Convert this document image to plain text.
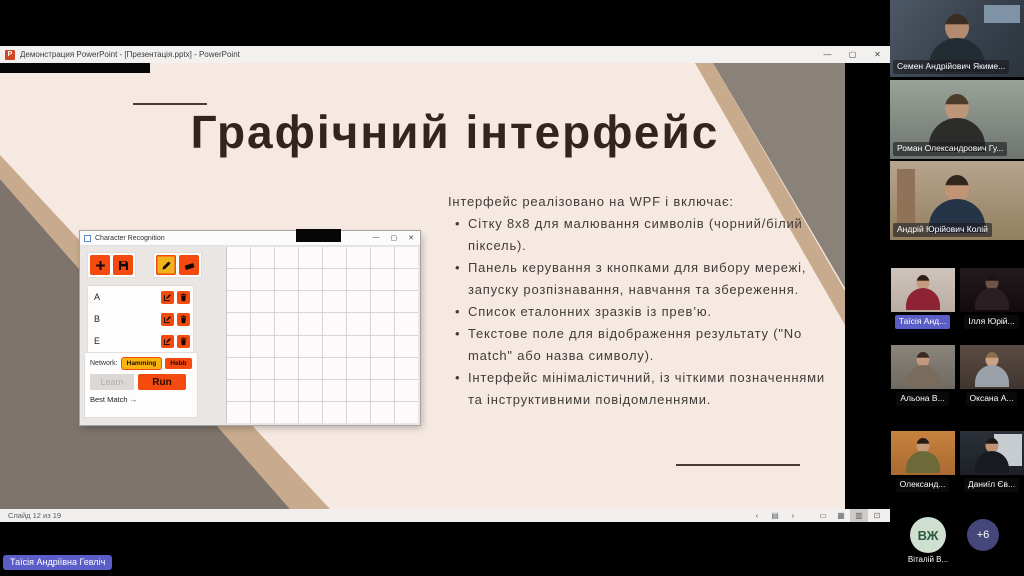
P Демонстрация PowerPoint - [Презентація.pptx] - PowerPoint	—	▢	✕
Графічний інтерфейс
Інтерфейс реалізовано на WPF і включає:
• Сітку 8х8 для малювання символів (чорний/білий піксель).
• Панель керування з кнопками для вибору мережі, запуску розпізнавання, навчання та збереження.
• Список еталонних зразків із прев’ю.
• Текстове поле для відображення результату ("No match" або назва символу).
• Інтерфейс мінімалістичний, із чіткими позначеннями та інструктивними повідомленнями.
Character Recognition	— ▢ ✕
A
B
E
Network:	Hamming	Hebb
Learn	Run
Best Match →
Слайд 12 из 19	‹	▤	›	▭	▦	▥	⊡
Таїсія Андріївна Гевліч
Семен Андрійович Якиме...
Роман Олександрович Гу...
Андрій Юрійович Колій
Таїсія Анд...	Ілля Юрій...
Альона В...	Оксана А...
Олександ...	Даниїл Єв...
ВЖ
Віталій В...
+6
